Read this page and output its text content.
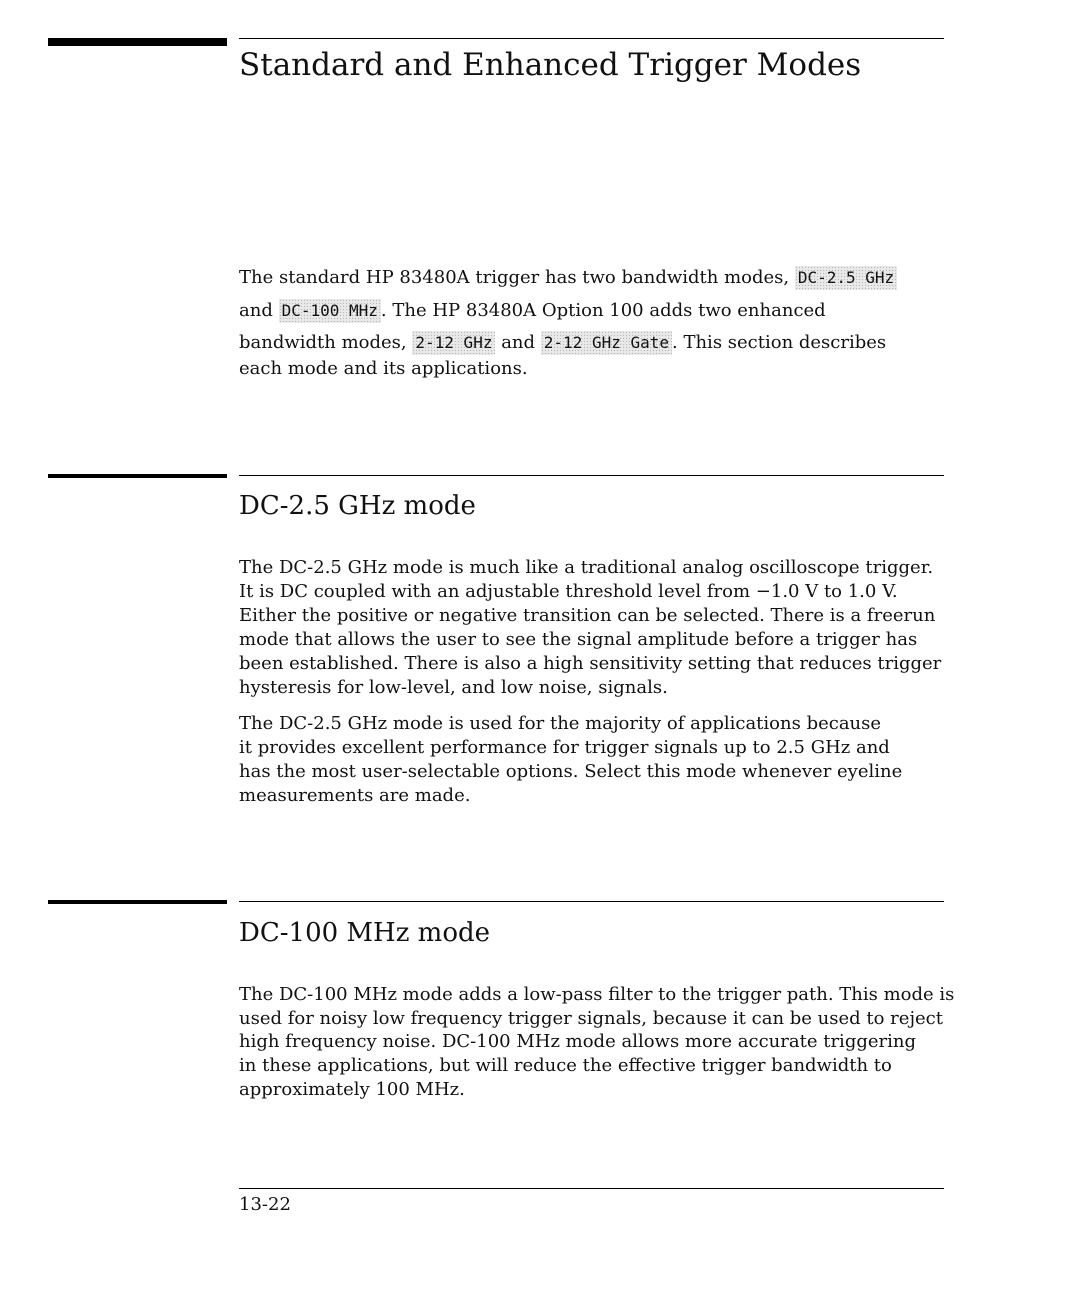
Standard and Enhanced Trigger Modes
The standard HP 83480A trigger has two bandwidth modes, DC-2.5 GHz
and DC-100 MHz . The HP 83480A Option 100 adds two enhanced
bandwidth modes, 2-12 GHz and 2-12 GHz Gate . This section describes
each mode and its applications.
DC-2.5 GHz mode
The DC-2.5 GHz mode is much like a traditional analog oscilloscope trigger.
It is DC coupled with an adjustable threshold level from −1.0 V to 1.0 V.
Either the positive or negative transition can be selected. There is a freerun
mode that allows the user to see the signal amplitude before a trigger has
been established. There is also a high sensitivity setting that reduces trigger
hysteresis for low-level, and low noise, signals.
The DC-2.5 GHz mode is used for the majority of applications because
it provides excellent performance for trigger signals up to 2.5 GHz and
has the most user-selectable options. Select this mode whenever eyeline
measurements are made.
DC-100 MHz mode
The DC-100 MHz mode adds a low-pass filter to the trigger path. This mode is
used for noisy low frequency trigger signals, because it can be used to reject
high frequency noise. DC-100 MHz mode allows more accurate triggering
in these applications, but will reduce the effective trigger bandwidth to
approximately 100 MHz.
13-22
